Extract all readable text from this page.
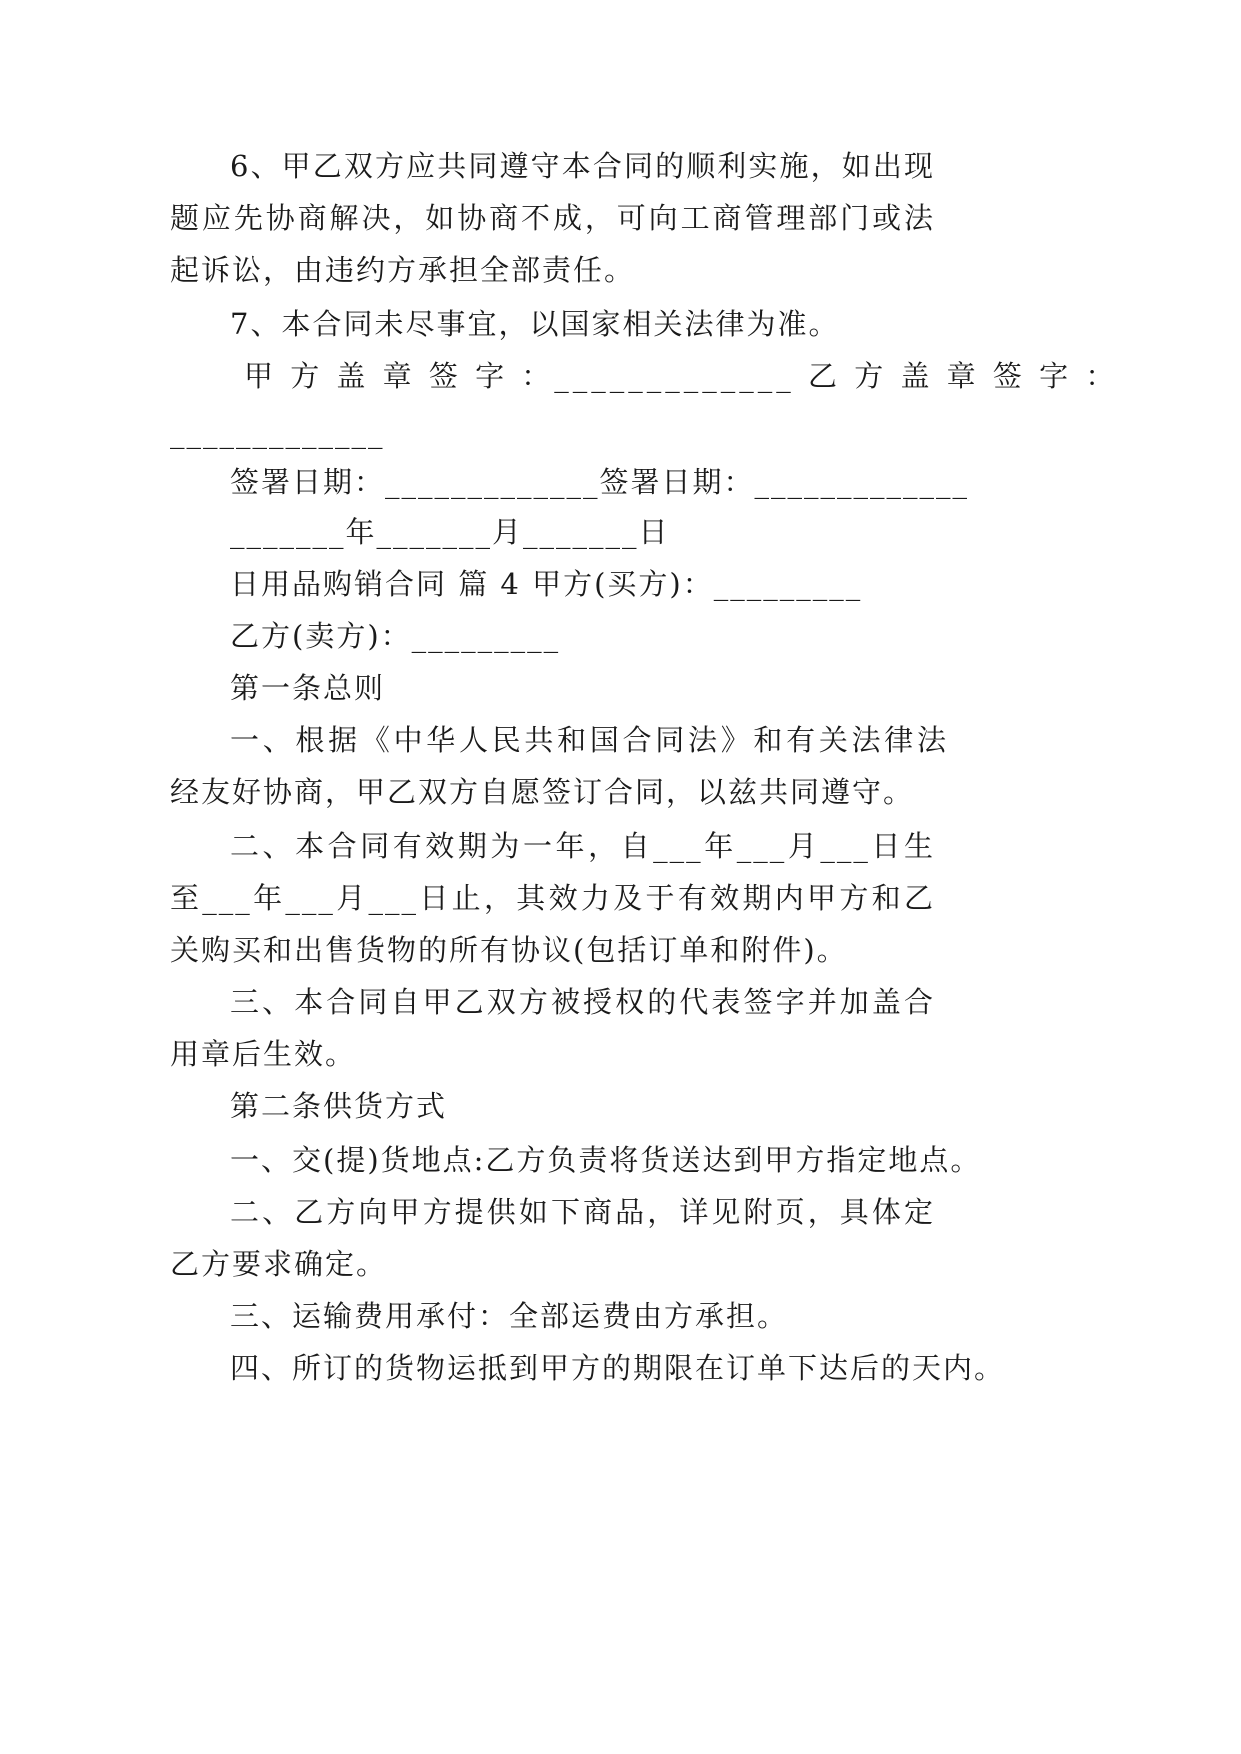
6、甲乙双方应共同遵守本合同的顺利实施，如出现
题应先协商解决，如协商不成，可向工商管理部门或法
起诉讼，由违约方承担全部责任。
7、本合同未尽事宜，以国家相关法律为准。
甲 方 盖 章 签 字 ：_____________ 乙 方 盖 章 签 字 ：
_____________
签署日期：_____________签署日期：_____________
_______年_______月_______日
日用品购销合同 篇 4 甲方(买方)：_________
乙方(卖方)：_________
第一条总则
一、根据《中华人民共和国合同法》和有关法律法
经友好协商，甲乙双方自愿签订合同，以兹共同遵守。
二、本合同有效期为一年，自___年___月___日生
至___年___月___日止，其效力及于有效期内甲方和乙
关购买和出售货物的所有协议(包括订单和附件)。
三、本合同自甲乙双方被授权的代表签字并加盖合
用章后生效。
第二条供货方式
一、交(提)货地点:乙方负责将货送达到甲方指定地点。
二、乙方向甲方提供如下商品，详见附页，具体定
乙方要求确定。
三、运输费用承付：全部运费由方承担。
四、所订的货物运抵到甲方的期限在订单下达后的天内。
